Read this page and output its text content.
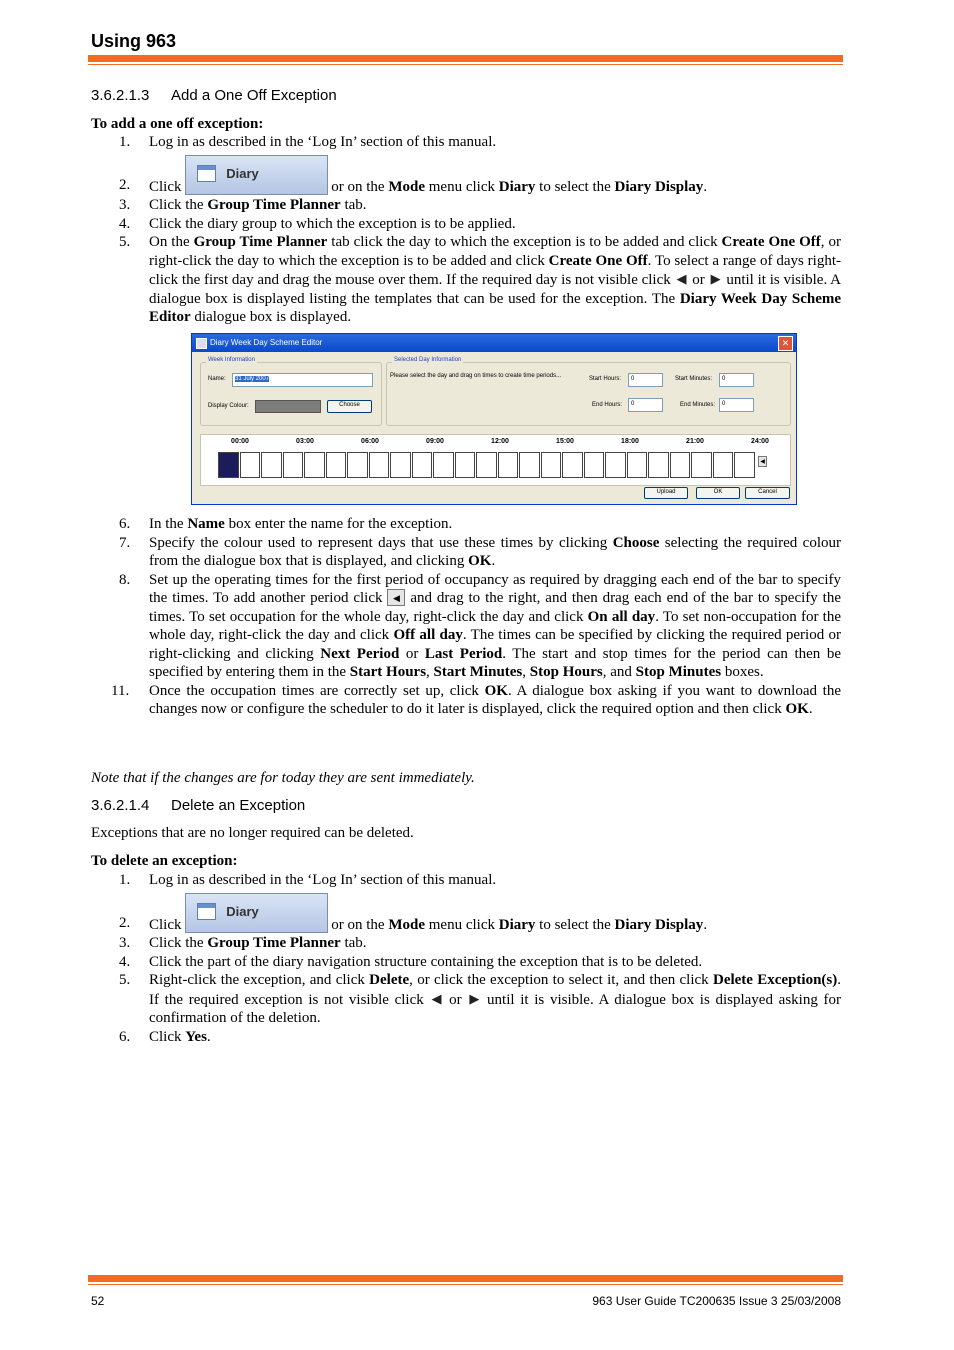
Using 963
3.6.2.1.3 Add a One Off Exception
To add a one off exception:
1. Log in as described in the ‘Log In’ section of this manual.
2. Click
Diary
or on the Mode menu click Diary to select the Diary Display.
3. Click the Group Time Planner tab.
4. Click the diary group to which the exception is to be applied.
5. On the Group Time Planner tab click the day to which the exception is to be added and click Create One Off, or right-click the day to which the exception is to be added and click Create One Off. To select a range of days right-click the first day and drag the mouse over them. If the required day is not visible click ◀ or ▶ until it is visible. A dialogue box is displayed listing the templates that can be used for the exception. The Diary Week Day Scheme Editor dialogue box is displayed.
Diary Week Day Scheme Editor	✕
Week Information
Name:	31 July 2007
Display Colour:	Choose
Selected Day Information
Please select the day and drag on times to create time periods...	Start Hours:	0	Start Minutes:	0
End Hours:	0	End Minutes:	0
00:00	03:00	06:00	09:00	12:00	15:00	18:00	21:00	24:00
◀
Upload	OK	Cancel
6. In the Name box enter the name for the exception.
7. Specify the colour used to represent days that use these times by clicking Choose selecting the required colour from the dialogue box that is displayed, and clicking OK.
8. Set up the operating times for the first period of occupancy as required by dragging each end of the bar to specify the times. To add another period click ◀ and drag to the right, and then drag each end of the bar to specify the times. To set occupation for the whole day, right-click the day and click On all day. To set non-occupation for the whole day, right-click the day and click Off all day. The times can be specified by clicking the required period or right-clicking and clicking Next Period or Last Period. The start and stop times for the period can then be specified by entering them in the Start Hours, Start Minutes, Stop Hours, and Stop Minutes boxes.
11. Once the occupation times are correctly set up, click OK. A dialogue box asking if you want to download the changes now or configure the scheduler to do it later is displayed, click the required option and then click OK.
Note that if the changes are for today they are sent immediately.
3.6.2.1.4 Delete an Exception
Exceptions that are no longer required can be deleted.
To delete an exception:
1. Log in as described in the ‘Log In’ section of this manual.
2. Click
Diary
or on the Mode menu click Diary to select the Diary Display.
3. Click the Group Time Planner tab.
4. Click the part of the diary navigation structure containing the exception that is to be deleted.
5. Right-click the exception, and click Delete, or click the exception to select it, and then click Delete Exception(s). If the required exception is not visible click ◀ or ▶ until it is visible. A dialogue box is displayed asking for confirmation of the deletion.
6. Click Yes.
52	963 User Guide TC200635 Issue 3 25/03/2008
